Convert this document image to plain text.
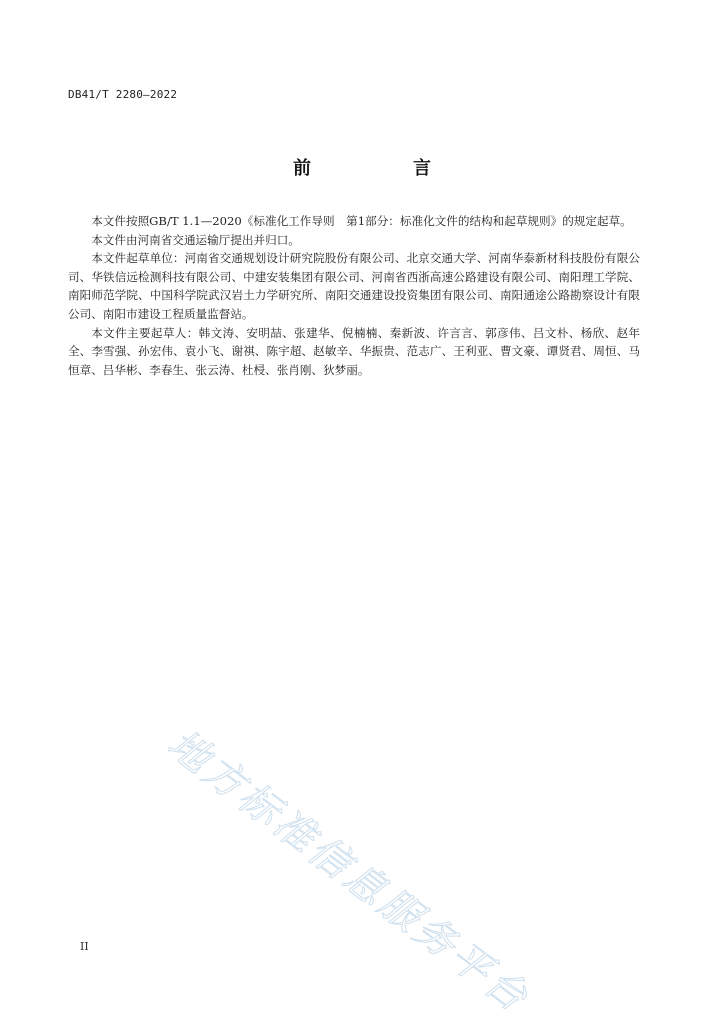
DB41/T 2280—2022
前　言

本文件按照GB/T 1.1—2020《标准化工作导则　第1部分：标准化文件的结构和起草规则》的规定起草。

本文件由河南省交通运输厅提出并归口。

本文件起草单位：河南省交通规划设计研究院股份有限公司、北京交通大学、河南华泰新材科技股份有限公司、华铁信远检测科技有限公司、中建安装集团有限公司、河南省西浙高速公路建设有限公司、南阳理工学院、南阳师范学院、中国科学院武汉岩土力学研究所、南阳交通建设投资集团有限公司、南阳通途公路勘察设计有限公司、南阳市建设工程质量监督站。

本文件主要起草人：韩文涛、安明喆、张建华、倪楠楠、秦新波、许言言、郭彦伟、吕文朴、杨欣、赵年全、李雪强、孙宏伟、袁小飞、谢祺、陈宇超、赵敏辛、华振贵、范志广、王利亚、曹文豪、谭贤君、周恒、马恒章、吕华彬、李春生、张云涛、杜梫、张肖刚、狄梦丽。

地方标准信息服务平台
II
